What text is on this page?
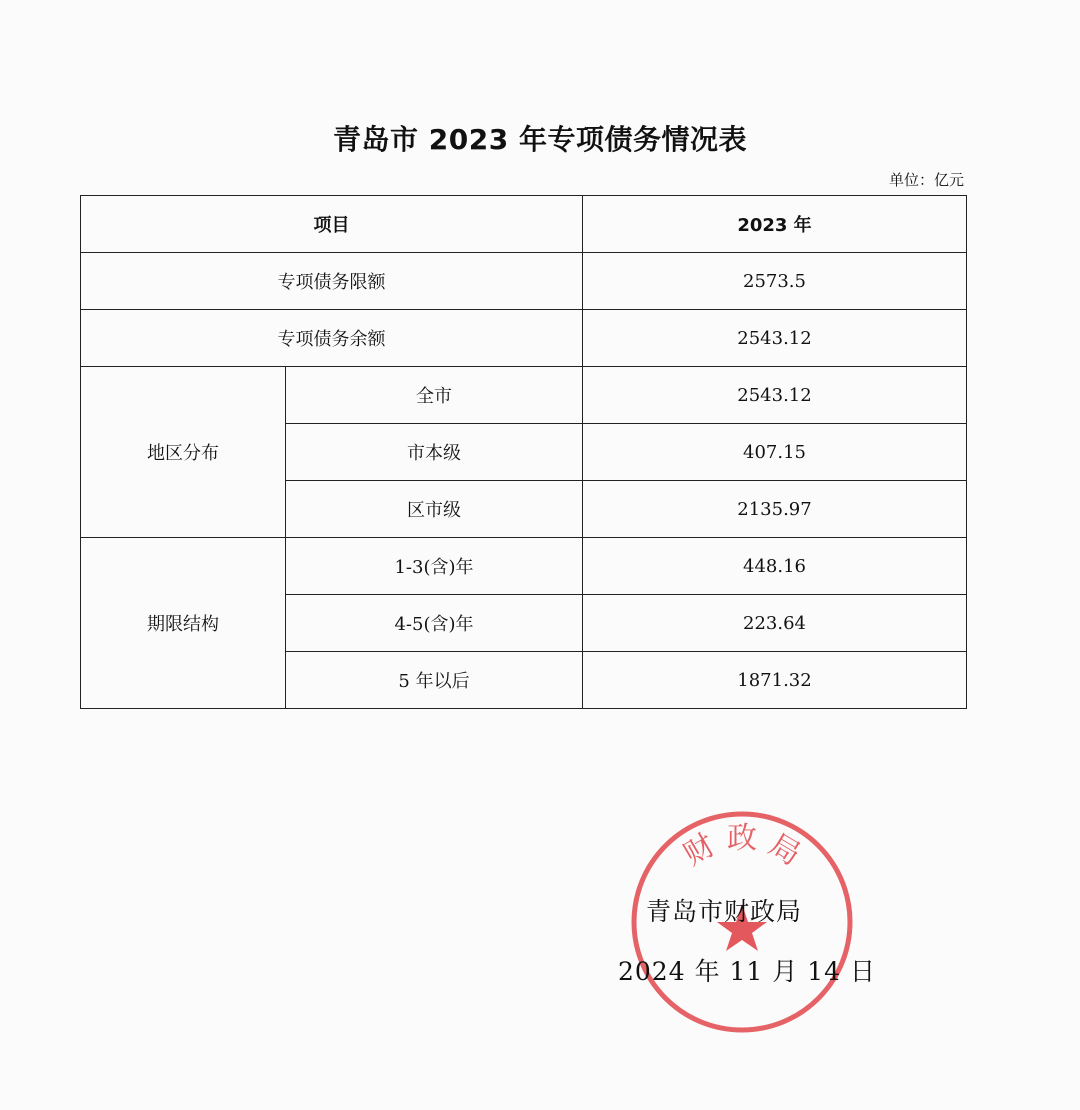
青岛市 2023 年专项债务情况表
单位：亿元
项目		2023 年
专项债务限额		2573.5
专项债务余额		2543.12
地区分布	全市	2543.12
	市本级	407.15
	区市级	2135.97
期限结构	1-3(含)年	448.16
	4-5(含)年	223.64
	5 年以后	1871.32
财 政 局
青岛市财政局
2024 年 11 月 14 日
